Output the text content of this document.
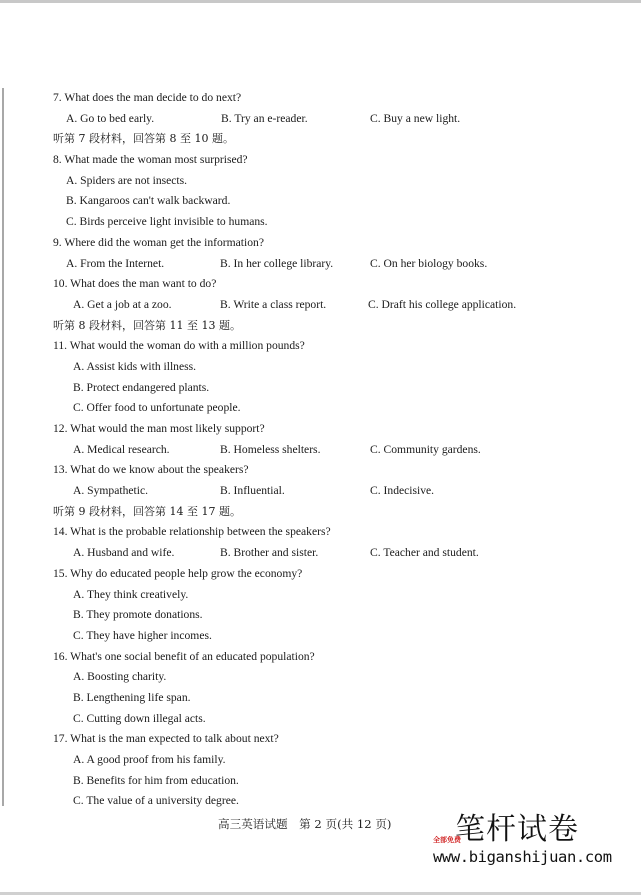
7. What does the man decide to do next?
A. Go to bed early.	B. Try an e-reader.	C. Buy a new light.
听第 7 段材料，回答第 8 至 10 题。
8. What made the woman most surprised?
A. Spiders are not insects.
B. Kangaroos can't walk backward.
C. Birds perceive light invisible to humans.
9. Where did the woman get the information?
A. From the Internet.	B. In her college library.	C. On her biology books.
10. What does the man want to do?
A. Get a job at a zoo.	B. Write a class report.	C. Draft his college application.
听第 8 段材料，回答第 11 至 13 题。
11. What would the woman do with a million pounds?
A. Assist kids with illness.
B. Protect endangered plants.
C. Offer food to unfortunate people.
12. What would the man most likely support?
A. Medical research.	B. Homeless shelters.	C. Community gardens.
13. What do we know about the speakers?
A. Sympathetic.	B. Influential.	C. Indecisive.
听第 9 段材料，回答第 14 至 17 题。
14. What is the probable relationship between the speakers?
A. Husband and wife.	B. Brother and sister.	C. Teacher and student.
15. Why do educated people help grow the economy?
A. They think creatively.
B. They promote donations.
C. They have higher incomes.
16. What's one social benefit of an educated population?
A. Boosting charity.
B. Lengthening life span.
C. Cutting down illegal acts.
17. What is the man expected to talk about next?
A. A good proof from his family.
B. Benefits for him from education.
C. The value of a university degree.
高三英语试题　第 2 页(共 12 页) 笔杆试卷
全部免费
www.biganshijuan.com
